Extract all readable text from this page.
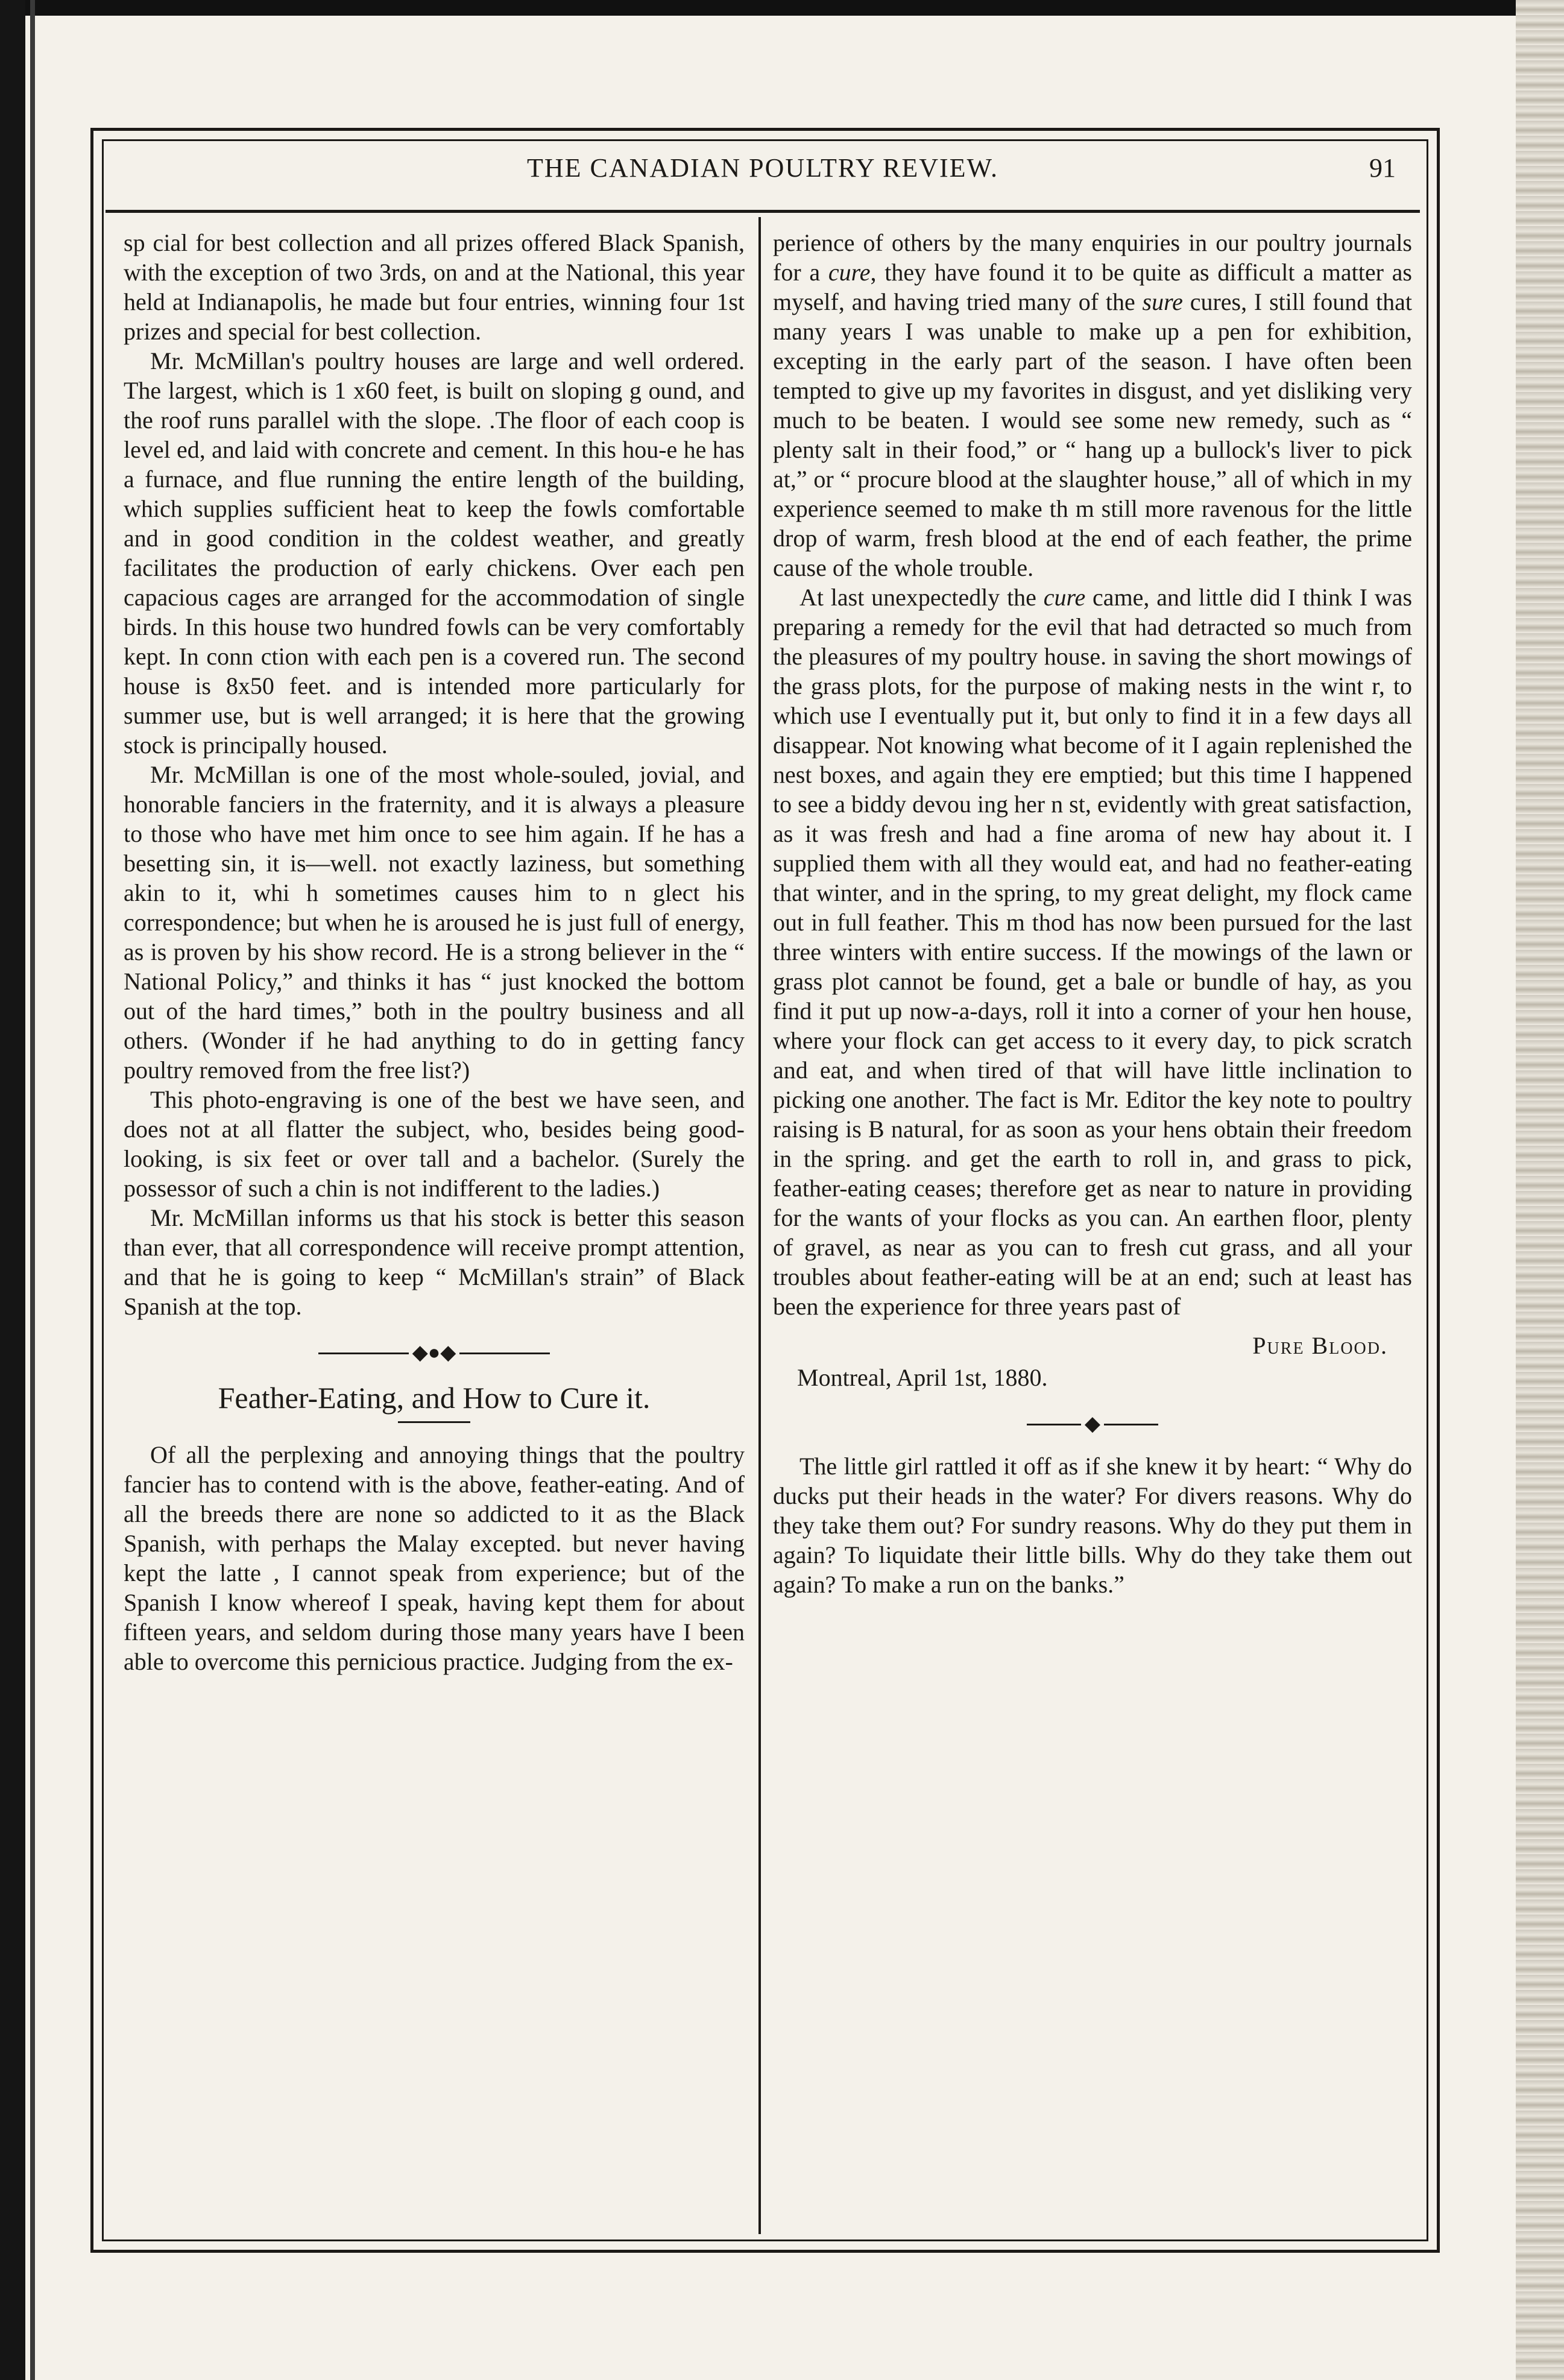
THE CANADIAN POULTRY REVIEW.	91

sp cial for best collection and all prizes offered Black Spanish, with the exception of two 3rds, on and at the National, this year held at Indianapolis, he made but four entries, winning four 1st prizes and special for best collection.

Mr. McMillan's poultry houses are large and well ordered. The largest, which is 1 x60 feet, is built on sloping g ound, and the roof runs parallel with the slope. .The floor of each coop is level ed, and laid with concrete and cement. In this hou-e he has a furnace, and flue running the entire length of the building, which supplies sufficient heat to keep the fowls comfortable and in good condition in the coldest weather, and greatly facilitates the production of early chickens. Over each pen capacious cages are arranged for the accommodation of single birds. In this house two hundred fowls can be very comfortably kept. In conn ction with each pen is a covered run. The second house is 8x50 feet. and is intended more particularly for summer use, but is well arranged; it is here that the growing stock is principally housed.

Mr. McMillan is one of the most whole-souled, jovial, and honorable fanciers in the fraternity, and it is always a pleasure to those who have met him once to see him again. If he has a besetting sin, it is—well. not exactly laziness, but something akin to it, whi h sometimes causes him to n glect his correspondence; but when he is aroused he is just full of energy, as is proven by his show record. He is a strong believer in the “ National Policy,” and thinks it has “ just knocked the bottom out of the hard times,” both in the poultry business and all others. (Wonder if he had anything to do in getting fancy poultry removed from the free list?)

This photo-engraving is one of the best we have seen, and does not at all flatter the subject, who, besides being good-looking, is six feet or over tall and a bachelor. (Surely the possessor of such a chin is not indifferent to the ladies.)

Mr. McMillan informs us that his stock is better this season than ever, that all correspondence will receive prompt attention, and that he is going to keep “ McMillan's strain” of Black Spanish at the top.

◆●◆
Feather-Eating, and How to Cure it.

Of all the perplexing and annoying things that the poultry fancier has to contend with is the above, feather-eating. And of all the breeds there are none so addicted to it as the Black Spanish, with perhaps the Malay excepted. but never having kept the latte , I cannot speak from experience; but of the Spanish I know whereof I speak, having kept them for about fifteen years, and seldom during those many years have I been able to overcome this pernicious practice. Judging from the ex-

perience of others by the many enquiries in our poultry journals for a cure, they have found it to be quite as difficult a matter as myself, and having tried many of the sure cures, I still found that many years I was unable to make up a pen for exhibition, excepting in the early part of the season. I have often been tempted to give up my favorites in disgust, and yet disliking very much to be beaten. I would see some new remedy, such as “ plenty salt in their food,” or “ hang up a bullock's liver to pick at,” or “ procure blood at the slaughter house,” all of which in my experience seemed to make th m still more ravenous for the little drop of warm, fresh blood at the end of each feather, the prime cause of the whole trouble.

At last unexpectedly the cure came, and little did I think I was preparing a remedy for the evil that had detracted so much from the pleasures of my poultry house. in saving the short mowings of the grass plots, for the purpose of making nests in the wint r, to which use I eventually put it, but only to find it in a few days all disappear. Not knowing what become of it I again replenished the nest boxes, and again they ere emptied; but this time I happened to see a biddy devou ing her n st, evidently with great satisfaction, as it was fresh and had a fine aroma of new hay about it. I supplied them with all they would eat, and had no feather-eating that winter, and in the spring, to my great delight, my flock came out in full feather. This m thod has now been pursued for the last three winters with entire success. If the mowings of the lawn or grass plot cannot be found, get a bale or bundle of hay, as you find it put up now-a-days, roll it into a corner of your hen house, where your flock can get access to it every day, to pick scratch and eat, and when tired of that will have little inclination to picking one another. The fact is Mr. Editor the key note to poultry raising is B natural, for as soon as your hens obtain their freedom in the spring. and get the earth to roll in, and grass to pick, feather-eating ceases; therefore get as near to nature in providing for the wants of your flocks as you can. An earthen floor, plenty of gravel, as near as you can to fresh cut grass, and all your troubles about feather-eating will be at an end; such at least has been the experience for three years past of

Pure Blood.
Montreal, April 1st, 1880.
◆

The little girl rattled it off as if she knew it by heart: “ Why do ducks put their heads in the water? For divers reasons. Why do they take them out? For sundry reasons. Why do they put them in again? To liquidate their little bills. Why do they take them out again? To make a run on the banks.”
